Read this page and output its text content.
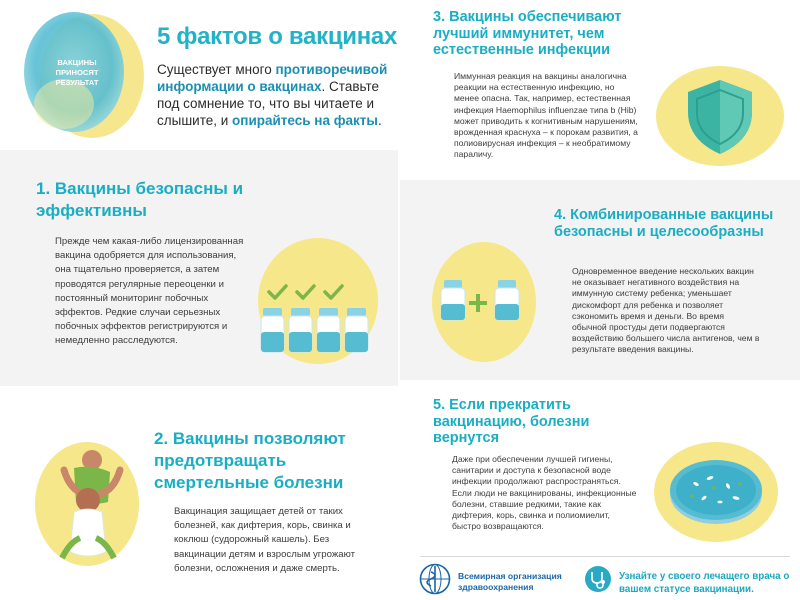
ВАКЦИНЫ ПРИНОСЯТ РЕЗУЛЬТАТ
5 фактов о вакцинах
Существует много противоречивой информации о вакцинах. Ставьте под сомнение то, что вы читаете и слышите, и опирайтесь на факты.
1. Вакцины безопасны и эффективны
Прежде чем какая-либо лицензированная вакцина одобряется для использования, она тщательно проверяется, а затем проводятся регулярные переоценки и постоянный мониторинг побочных эффектов. Редкие случаи серьезных побочных эффектов регистрируются и немедленно расследуются.
2. Вакцины позволяют предотвращать смертельные болезни
Вакцинация защищает детей от таких болезней, как дифтерия, корь, свинка и коклюш (судорожный кашель). Без вакцинации детям и взрослым угрожают болезни, осложнения и даже смерть.
3. Вакцины обеспечивают лучший иммунитет, чем естественные инфекции
Иммунная реакция на вакцины аналогична реакции на естественную инфекцию, но менее опасна. Так, например, естественная инфекция Haemophilus influenzae типа b (Hib) может приводить к когнитивным нарушениям, врожденная краснуха – к порокам развития, а полиовирусная инфекция – к необратимому параличу.
4. Комбинированные вакцины безопасны и целесообразны
Одновременное введение нескольких вакцин не оказывает негативного воздействия на иммунную систему ребенка; уменьшает дискомфорт для ребенка и позволяет сэкономить время и деньги. Во время обычной простуды дети подвергаются воздействию большего числа антигенов, чем в результате введения вакцины.
5. Если прекратить вакцинацию, болезни вернутся
Даже при обеспечении лучшей гигиены, санитарии и доступа к безопасной воде инфекции продолжают распространяться. Если люди не вакцинированы, инфекционные болезни, ставшие редкими, такие как дифтерия, корь, свинка и полиомиелит, быстро возвращаются.
Всемирная организация здравоохранения
Узнайте у своего лечащего врача о вашем статусе вакцинации.
